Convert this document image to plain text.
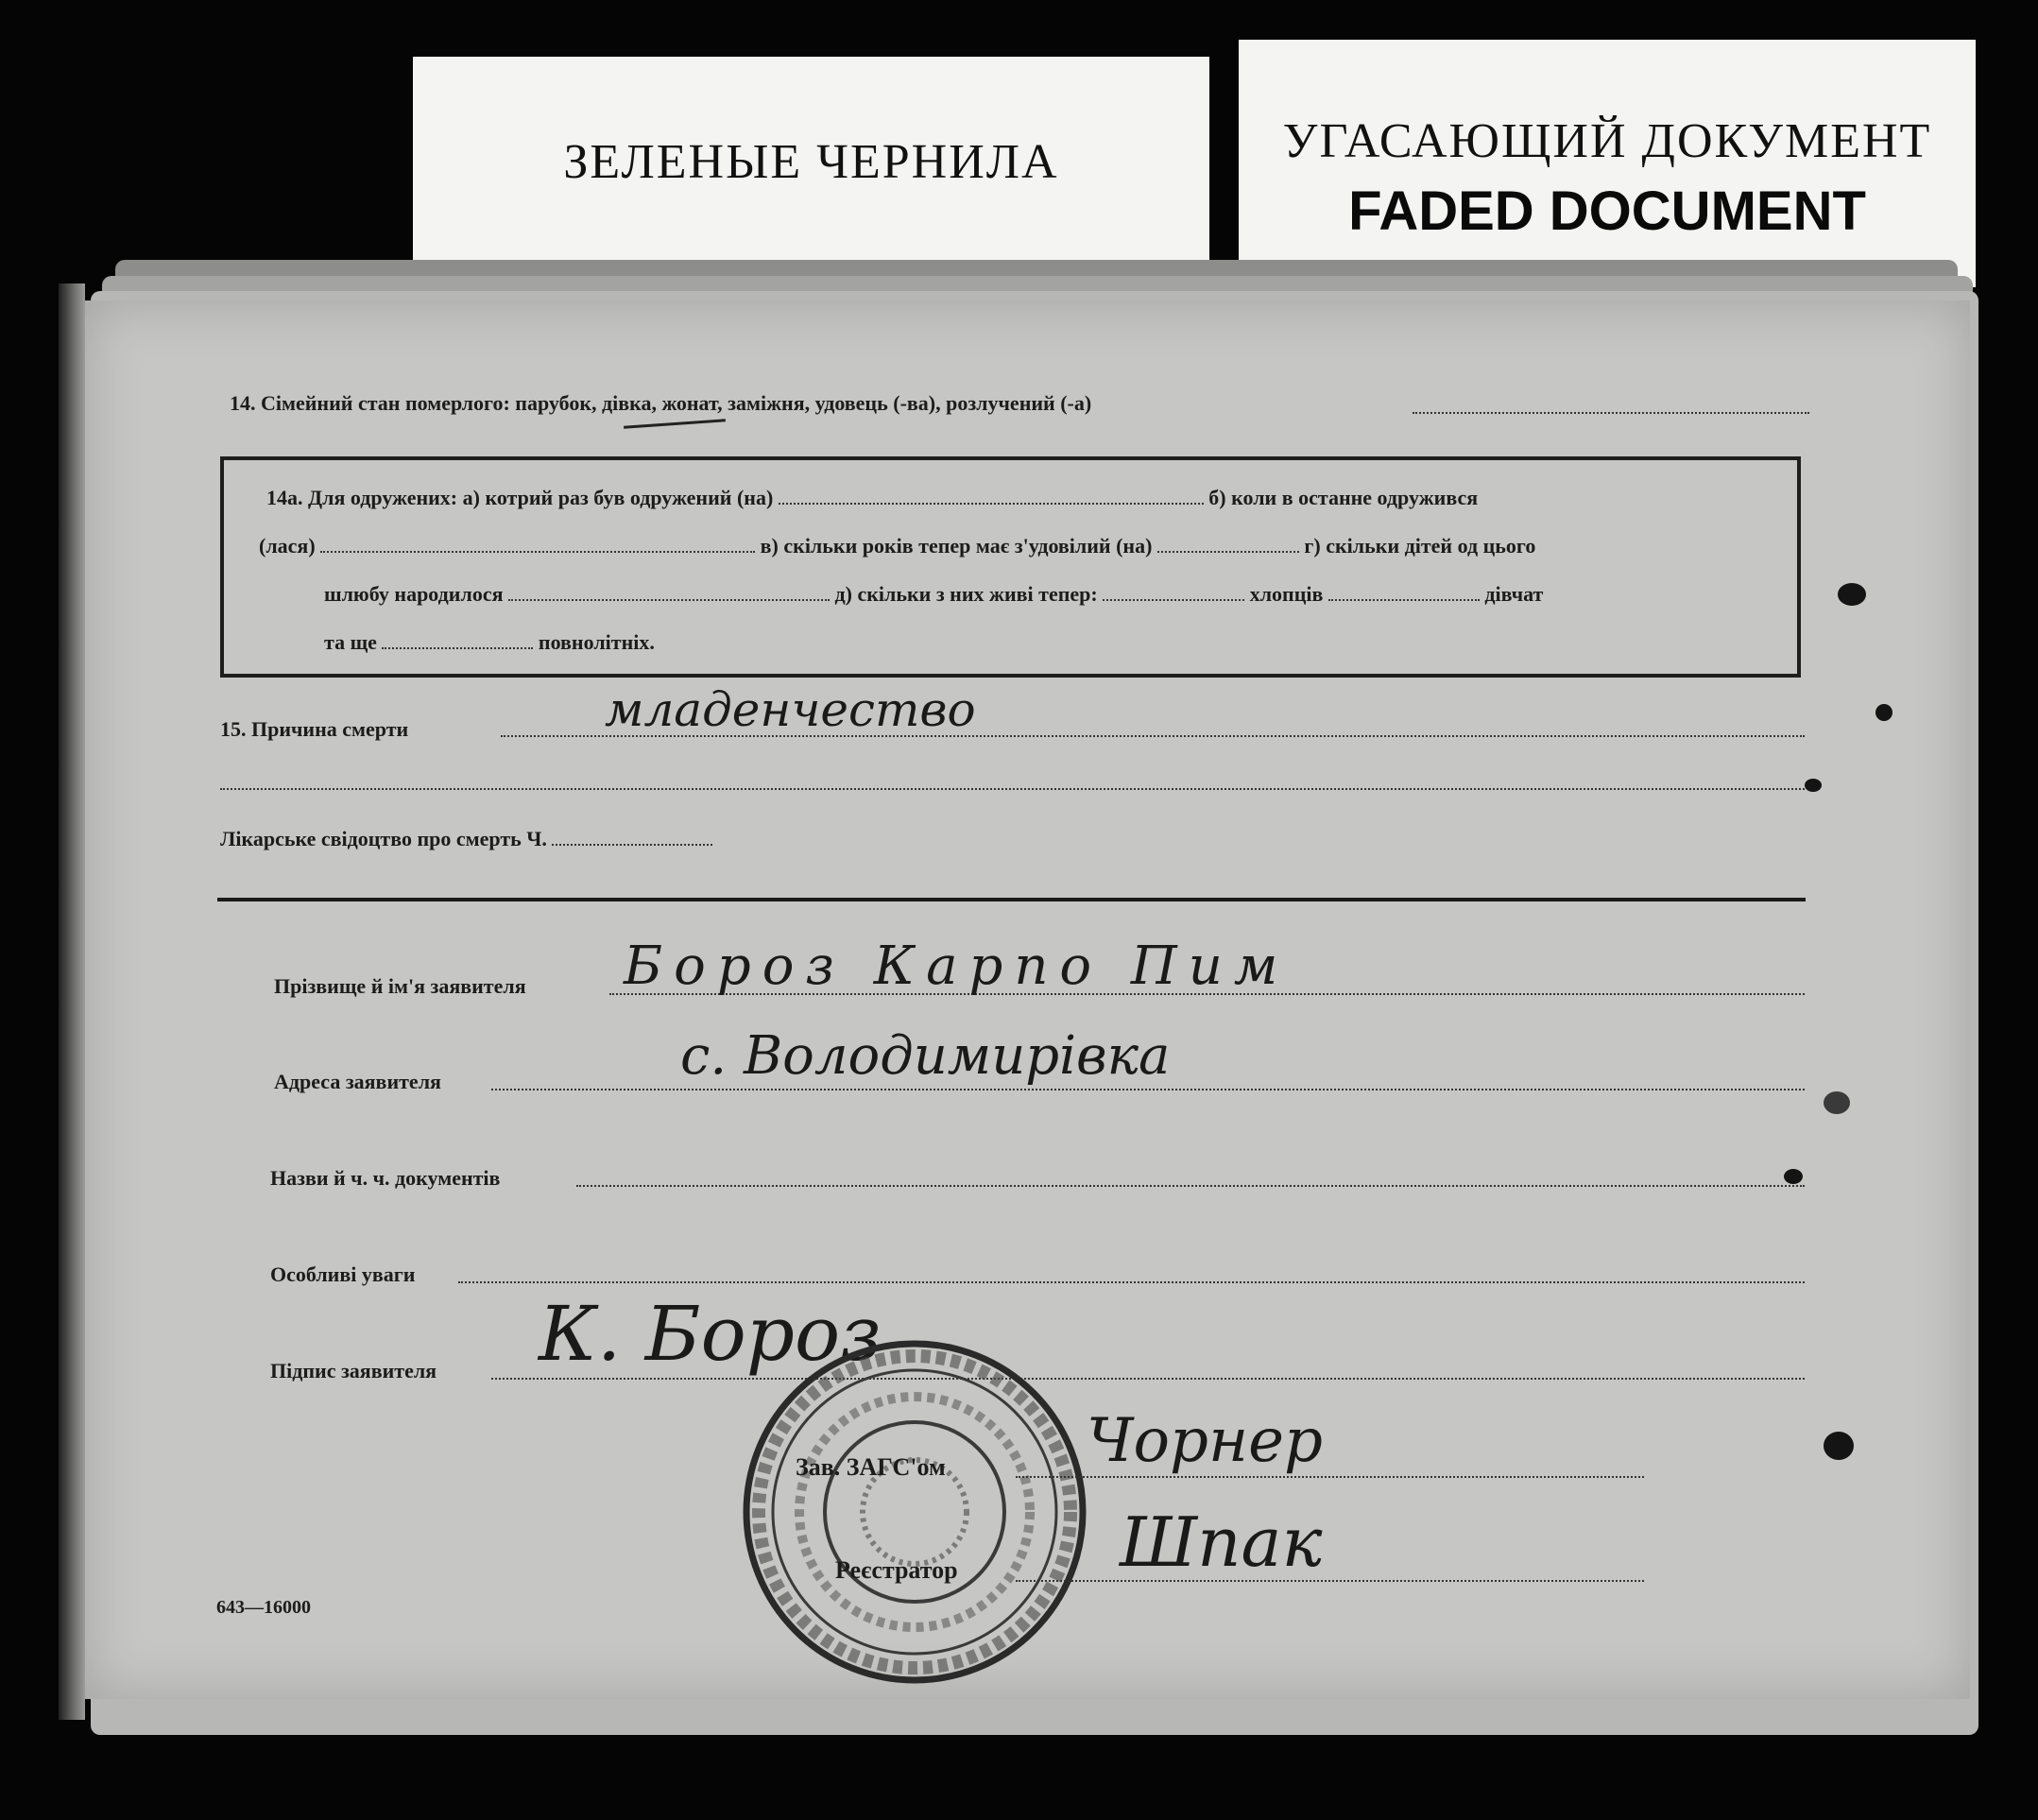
ЗЕЛЕНЫЕ ЧЕРНИЛА	УГАСАЮЩИЙ ДОКУМЕНТ
FADED DOCUMENT
14. Сімейний стан померлого: парубок, дівка, жонат, заміжня, удовець (-ва), розлучений (-а)
14а. Для одружених: а) котрий раз був одружений (на)	б) коли в останне одружився
(лася)	в) скільки років тепер має з'удовілий (на)	г) скільки дітей од цього
шлюбу народилося	д) скільки з них живі тепер:	хлопців	дівчат
та ще	повнолітніх.
15. Причина смерти	младенчество
Лікарське свідоцтво про смерть Ч.
Прізвище й ім'я заявителя Бороз Карпо Пим
Адреса заявителя	с. Володимирівка
Назви й ч. ч. документів
Особливі уваги
Підпис заявителя К. Бороз
Зав. ЗАГС'ом Чорнер
Реєстратор Шпак
643—16000
